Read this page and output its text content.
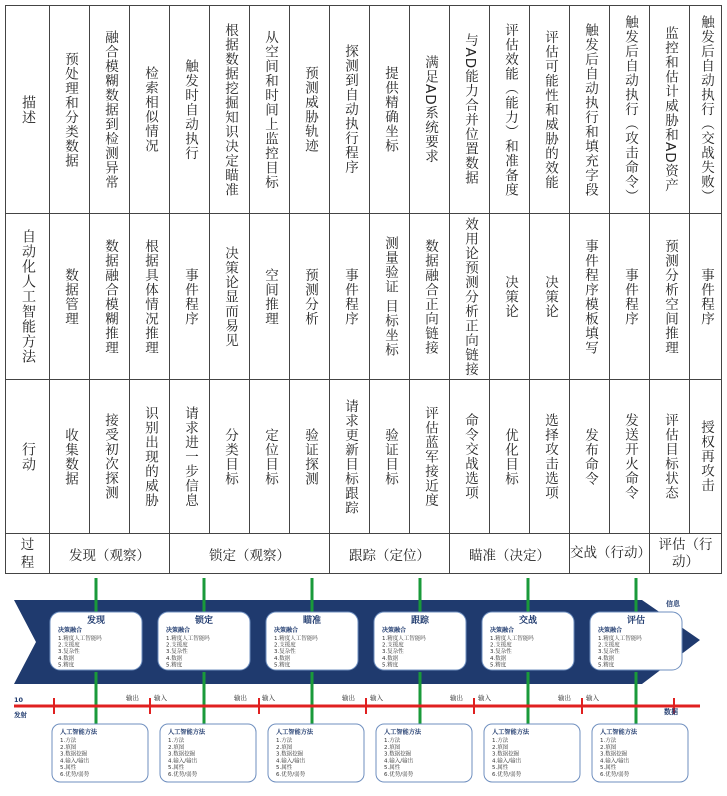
描述	预处理和分类数据	融合模糊数据到检测异常	检索相似情况	触发时自动执行	根据数据挖掘知识决定瞄准	从空间和时间上监控目标	预测威胁轨迹	探测到自动执行程序	提供精确坐标	满足AD系统要求	与AD能力合并位置数据	评估效能（能力）和准备度	评估可能性和威胁的效能	触发后自动执行和填充字段	触发后自动执行（攻击命令）	监控和估计威胁和AD资产	触发后自动执行（交战失败）

自动化人工智能方法	数据管理	数据融合模糊推理	根据具体情况推理	事件程序	决策论显而易见	空间推理	预测分析	事件程序	测量验证 目标坐标	数据融合正向链接	效用论预测分析正向链接	决策论	决策论	事件程序模板填写	事件程序	预测分析空间推理	事件程序

行动	收集数据	接受初次探测	识别出现的威胁	请求进一步信息	分类目标	定位目标	验证探测	请求更新目标跟踪	验证目标	评估蓝军接近度	命令交战选项	优化目标	选择攻击选项	发布命令	发送开火命令	评估目标状态	授权再攻击

过程	发现（观察）			锁定（观察）				跟踪（定位）			瞄准（决定）			交战（行动）		评估（行动）	
发现
决策融合
1.精度人工智能吗
2.支援度
3.复杂性
4.数据
5.精度
锁定
决策融合
1.精度人工智能吗
2.支援度
3.复杂性
4.数据
5.精度
瞄准
决策融合
1.精度人工智能吗
2.支援度
3.复杂性
4.数据
5.精度
跟踪
决策融合
1.精度人工智能吗
2.支援度
3.复杂性
4.数据
5.精度
交战
决策融合
1.精度人工智能吗
2.支援度
3.复杂性
4.数据
5.精度
评估
决策融合
1.精度人工智能吗
2.支援度
3.复杂性
4.数据
5.精度
人工智能方法
1.方法
2.填图
3.数据挖掘
4.输入/输出
5.属性
6.优势/弱势
人工智能方法
1.方法
2.填图
3.数据挖掘
4.输入/输出
5.属性
6.优势/弱势
人工智能方法
1.方法
2.填图
3.数据挖掘
4.输入/输出
5.属性
6.优势/弱势
人工智能方法
1.方法
2.填图
3.数据挖掘
4.输入/输出
5.属性
6.优势/弱势
人工智能方法
1.方法
2.填图
3.数据挖掘
4.输入/输出
5.属性
6.优势/弱势
人工智能方法
1.方法
2.填图
3.数据挖掘
4.输入/输出
5.属性
6.优势/弱势
信息
数据
10
发射
输出 输入	输出 输入	输出 输入	输出 输入	输出 输入
